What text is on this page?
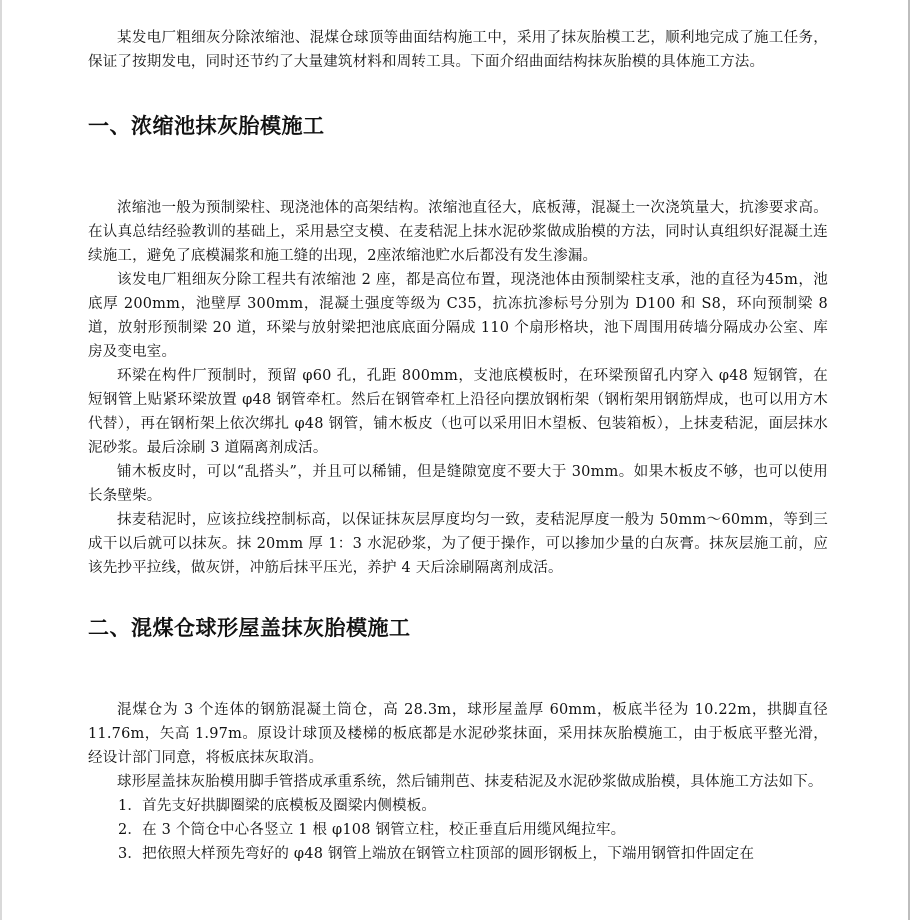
某发电厂粗细灰分除浓缩池、混煤仓球顶等曲面结构施工中，采用了抹灰胎模工艺，顺利地完成了施工任务，保证了按期发电，同时还节约了大量建筑材料和周转工具。下面介绍曲面结构抹灰胎模的具体施工方法。

一、浓缩池抹灰胎模施工

浓缩池一般为预制梁柱、现浇池体的高架结构。浓缩池直径大，底板薄，混凝土一次浇筑量大，抗渗要求高。在认真总结经验教训的基础上，采用悬空支模、在麦秸泥上抹水泥砂浆做成胎模的方法，同时认真组织好混凝土连续施工，避免了底模漏浆和施工缝的出现，2座浓缩池贮水后都没有发生渗漏。

该发电厂粗细灰分除工程共有浓缩池 2 座，都是高位布置，现浇池体由预制梁柱支承，池的直径为45m，池底厚 200mm，池壁厚 300mm，混凝土强度等级为 C35，抗冻抗渗标号分别为 D100 和 S8，环向预制梁 8 道，放射形预制梁 20 道，环梁与放射梁把池底底面分隔成 110 个扇形格块，池下周围用砖墙分隔成办公室、库房及变电室。

环梁在构件厂预制时，预留 φ60 孔，孔距 800mm，支池底模板时，在环梁预留孔内穿入 φ48 短钢管，在短钢管上贴紧环梁放置 φ48 钢管牵杠。然后在钢管牵杠上沿径向摆放钢桁架（钢桁架用钢筋焊成，也可以用方木代替），再在钢桁架上依次绑扎 φ48 钢管，铺木板皮（也可以采用旧木望板、包装箱板），上抹麦秸泥，面层抹水泥砂浆。最后涂刷 3 道隔离剂成活。

铺木板皮时，可以“乱搭头”，并且可以稀铺，但是缝隙宽度不要大于 30mm。如果木板皮不够，也可以使用长条壁柴。

抹麦秸泥时，应该拉线控制标高，以保证抹灰层厚度均匀一致，麦秸泥厚度一般为 50mm～60mm，等到三成干以后就可以抹灰。抹 20mm 厚 1：3 水泥砂浆，为了便于操作，可以掺加少量的白灰膏。抹灰层施工前，应该先抄平拉线，做灰饼，冲筋后抹平压光，养护 4 天后涂刷隔离剂成活。

二、混煤仓球形屋盖抹灰胎模施工

混煤仓为 3 个连体的钢筋混凝土筒仓，高 28.3m，球形屋盖厚 60mm，板底半径为 10.22m，拱脚直径11.76m，矢高 1.97m。原设计球顶及楼梯的板底都是水泥砂浆抹面，采用抹灰胎模施工，由于板底平整光滑，经设计部门同意，将板底抹灰取消。

球形屋盖抹灰胎模用脚手管搭成承重系统，然后铺荆芭、抹麦秸泥及水泥砂浆做成胎模，具体施工方法如下。

1．首先支好拱脚圈梁的底模板及圈梁内侧模板。

2．在 3 个筒仓中心各竖立 1 根 φ108 钢管立柱，校正垂直后用缆风绳拉牢。

3．把依照大样预先弯好的 φ48 钢管上端放在钢管立柱顶部的圆形钢板上，下端用钢管扣件固定在
